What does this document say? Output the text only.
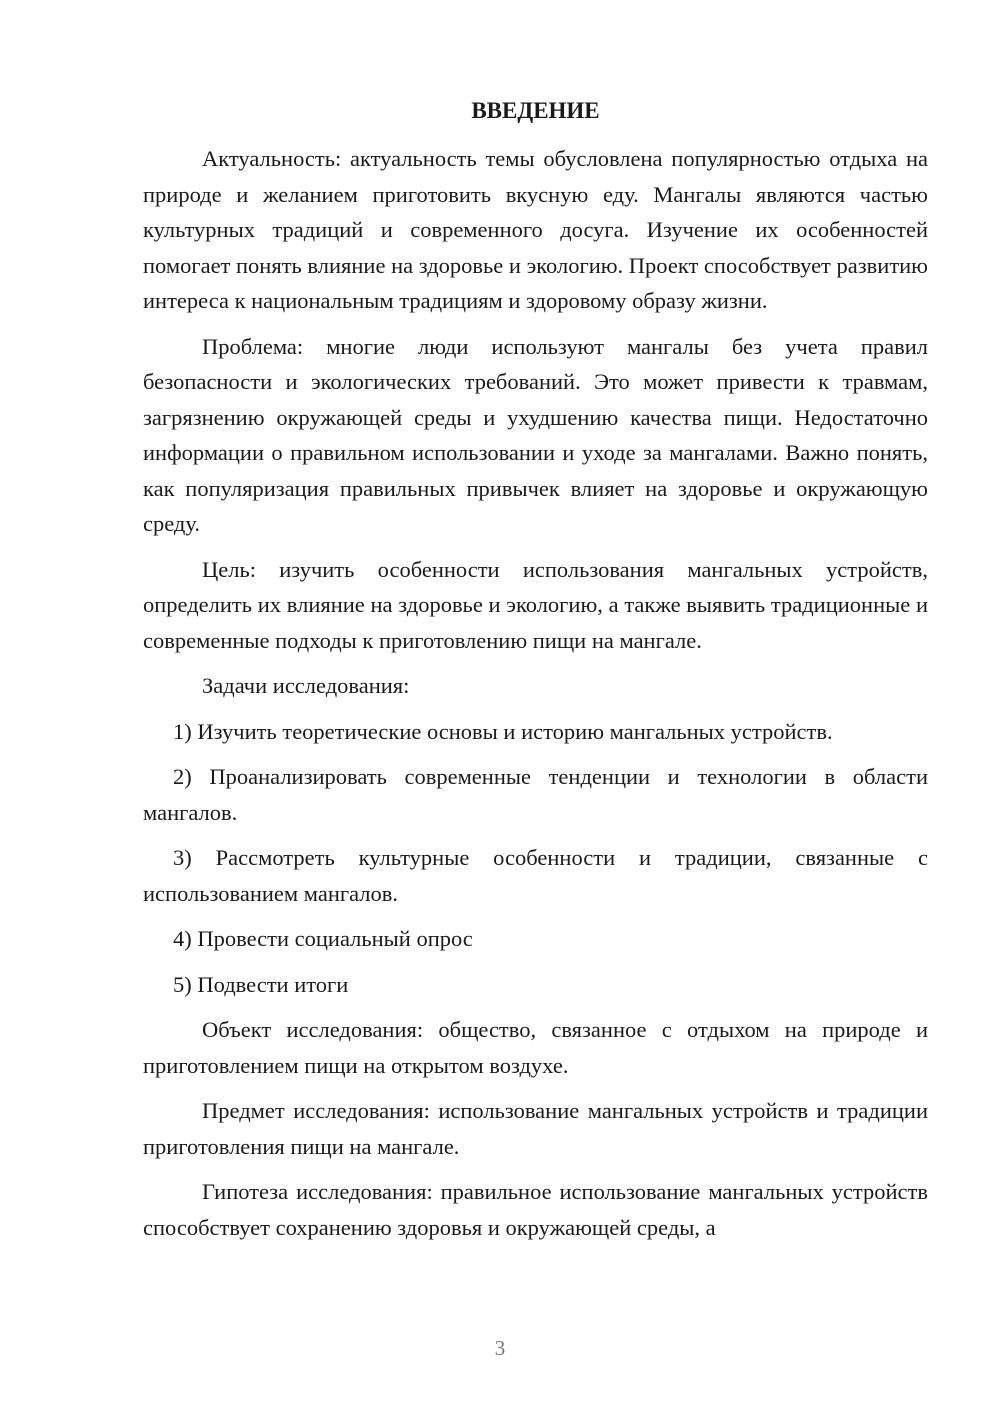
ВВЕДЕНИЕ

Актуальность: актуальность темы обусловлена популярностью отдыха на природе и желанием приготовить вкусную еду. Мангалы являются частью культурных традиций и современного досуга. Изучение их особенностей помогает понять влияние на здоровье и экологию. Проект способствует развитию интереса к национальным традициям и здоровому образу жизни.

Проблема: многие люди используют мангалы без учета правил безопасности и экологических требований. Это может привести к травмам, загрязнению окружающей среды и ухудшению качества пищи. Недостаточно информации о правильном использовании и уходе за мангалами. Важно понять, как популяризация правильных привычек влияет на здоровье и окружающую среду.

Цель: изучить особенности использования мангальных устройств, определить их влияние на здоровье и экологию, а также выявить традиционные и современные подходы к приготовлению пищи на мангале.

Задачи исследования:

1) Изучить теоретические основы и историю мангальных устройств.

2) Проанализировать современные тенденции и технологии в области мангалов.

3) Рассмотреть культурные особенности и традиции, связанные с использованием мангалов.

4) Провести социальный опрос

5) Подвести итоги

Объект исследования: общество, связанное с отдыхом на природе и приготовлением пищи на открытом воздухе.

Предмет исследования: использование мангальных устройств и традиции приготовления пищи на мангале.

Гипотеза исследования: правильное использование мангальных устройств способствует сохранению здоровья и окружающей среды, а

3
